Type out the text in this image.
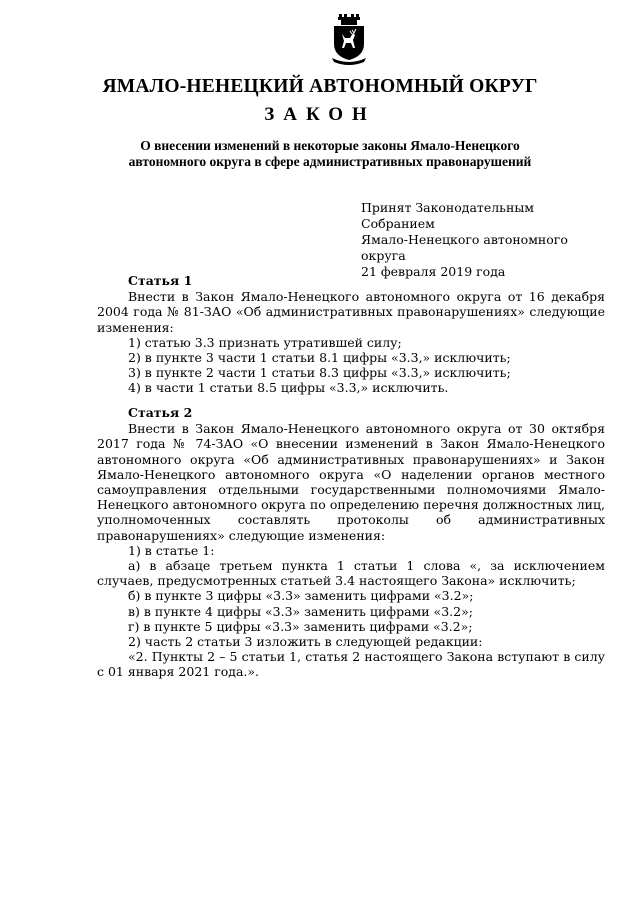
ЯМАЛО-НЕНЕЦКИЙ АВТОНОМНЫЙ ОКРУГ
ЗАКОН
О внесении изменений в некоторые законы Ямало-Ненецкого
автономного округа в сфере административных правонарушений
Принят Законодательным Собранием
Ямало-Ненецкого автономного округа
21 февраля 2019 года
Статья 1

Внести в Закон Ямало-Ненецкого автономного округа от 16 декабря 2004 года № 81-ЗАО «Об административных правонарушениях» следующие изменения:

1) статью 3.3 признать утратившей силу;

2) в пункте 3 части 1 статьи 8.1 цифры «3.3,» исключить;

3) в пункте 2 части 1 статьи 8.3 цифры «3.3,» исключить;

4) в части 1 статьи 8.5 цифры «3.3,» исключить.

Статья 2

Внести в Закон Ямало-Ненецкого автономного округа от 30 октября 2017 года № 74-ЗАО «О внесении изменений в Закон Ямало-Ненецкого автономного округа «Об административных правонарушениях» и Закон Ямало-Ненецкого автономного округа «О наделении органов местного самоуправления отдельными государственными полномочиями Ямало-Ненецкого автономного округа по определению перечня должностных лиц, уполномоченных составлять протоколы об административных правонарушениях» следующие изменения:

1) в статье 1:

а) в абзаце третьем пункта 1 статьи 1 слова «, за исключением случаев, предусмотренных статьей 3.4 настоящего Закона» исключить;

б) в пункте 3 цифры «3.3» заменить цифрами «3.2»;

в) в пункте 4 цифры «3.3» заменить цифрами «3.2»;

г) в пункте 5 цифры «3.3» заменить цифрами «3.2»;

2) часть 2 статьи 3 изложить в следующей редакции:

«2. Пункты 2 – 5 статьи 1, статья 2 настоящего Закона вступают в силу с 01 января 2021 года.».
